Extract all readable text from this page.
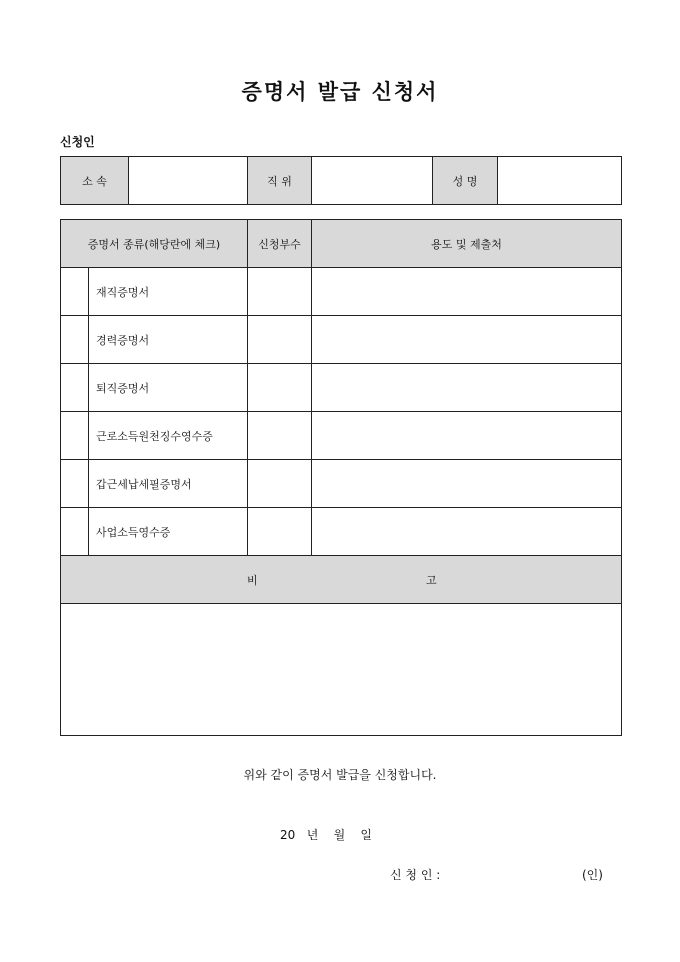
증명서 발급 신청서
신청인
소 속		직 위		성 명	
증명서 종류(해당란에 체크)		신청부수	용도 및 제출처
	재직증명서		
	경력증명서		
	퇴직증명서		
	근로소득원천징수영수증		
	갑근세납세필증명서		
	사업소득영수증		

비 고			

위와 같이 증명서 발급을 신청합니다.
20   년    월    일
신 청 인 :	(인)
